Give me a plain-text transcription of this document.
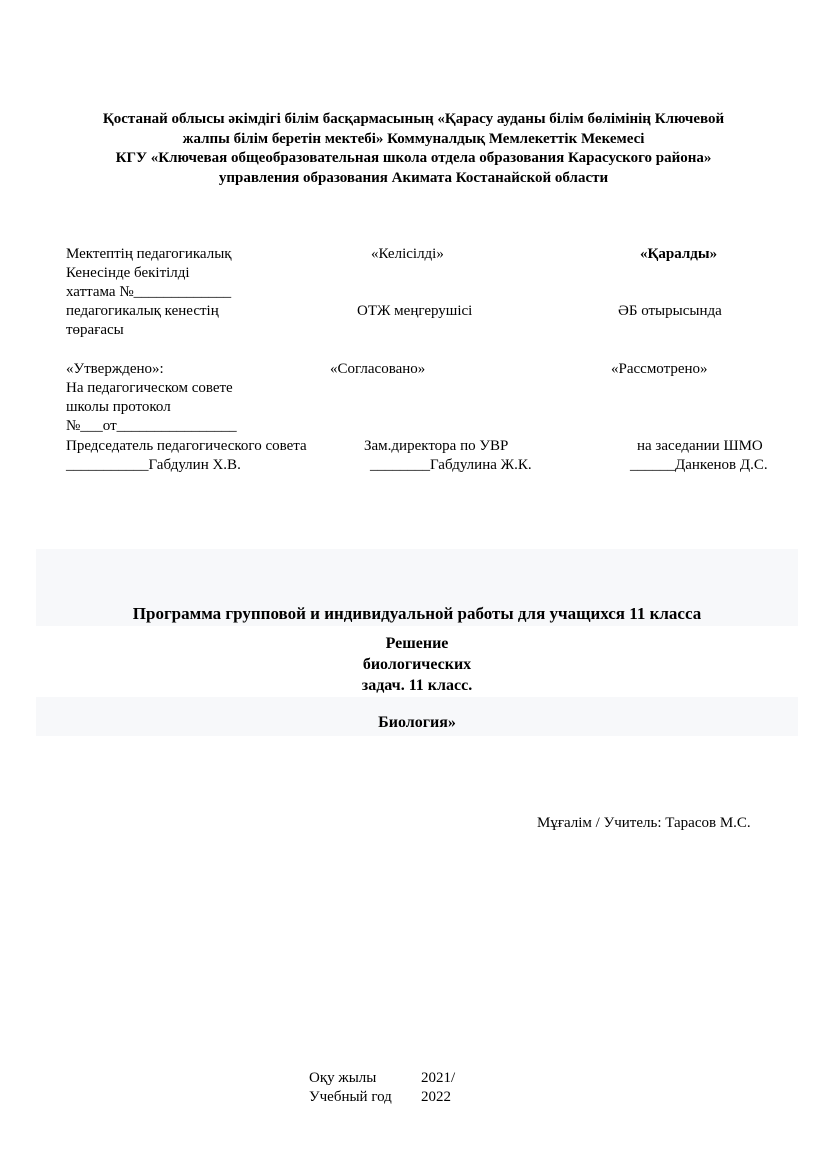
Қостанай облысы әкімдігі білім басқармасының «Қарасу ауданы білім бөлімінің Ключевой
жалпы білім беретін мектебі» Коммуналдық Мемлекеттік Мекемесі
КГУ «Ключевая общеобразовательная школа отдела образования Карасуского района»
управления образования Акимата Костанайской области
Мектептің педагогикалық
Кенесінде бекітілді
хаттама №_____________
педагогикалық кенестің
төрағасы
«Келісілді»
ОТЖ меңгерушісі
«Қаралды»
ӘБ отырысында
«Утверждено»:
На педагогическом совете
школы протокол
№___от________________
Председатель педагогического совета
___________Габдулин Х.В.
«Согласовано»
Зам.директора по УВР
________Габдулина Ж.К.
«Рассмотрено»
на заседании ШМО
______Данкенов Д.С.
Программа групповой и индивидуальной работы для учащихся 11 класса
Решение
биологических
задач. 11 класс.
Биология»
Мұғалім / Учитель: Тарасов М.С.
Оқу жылы
Учебный год
2021/
2022
